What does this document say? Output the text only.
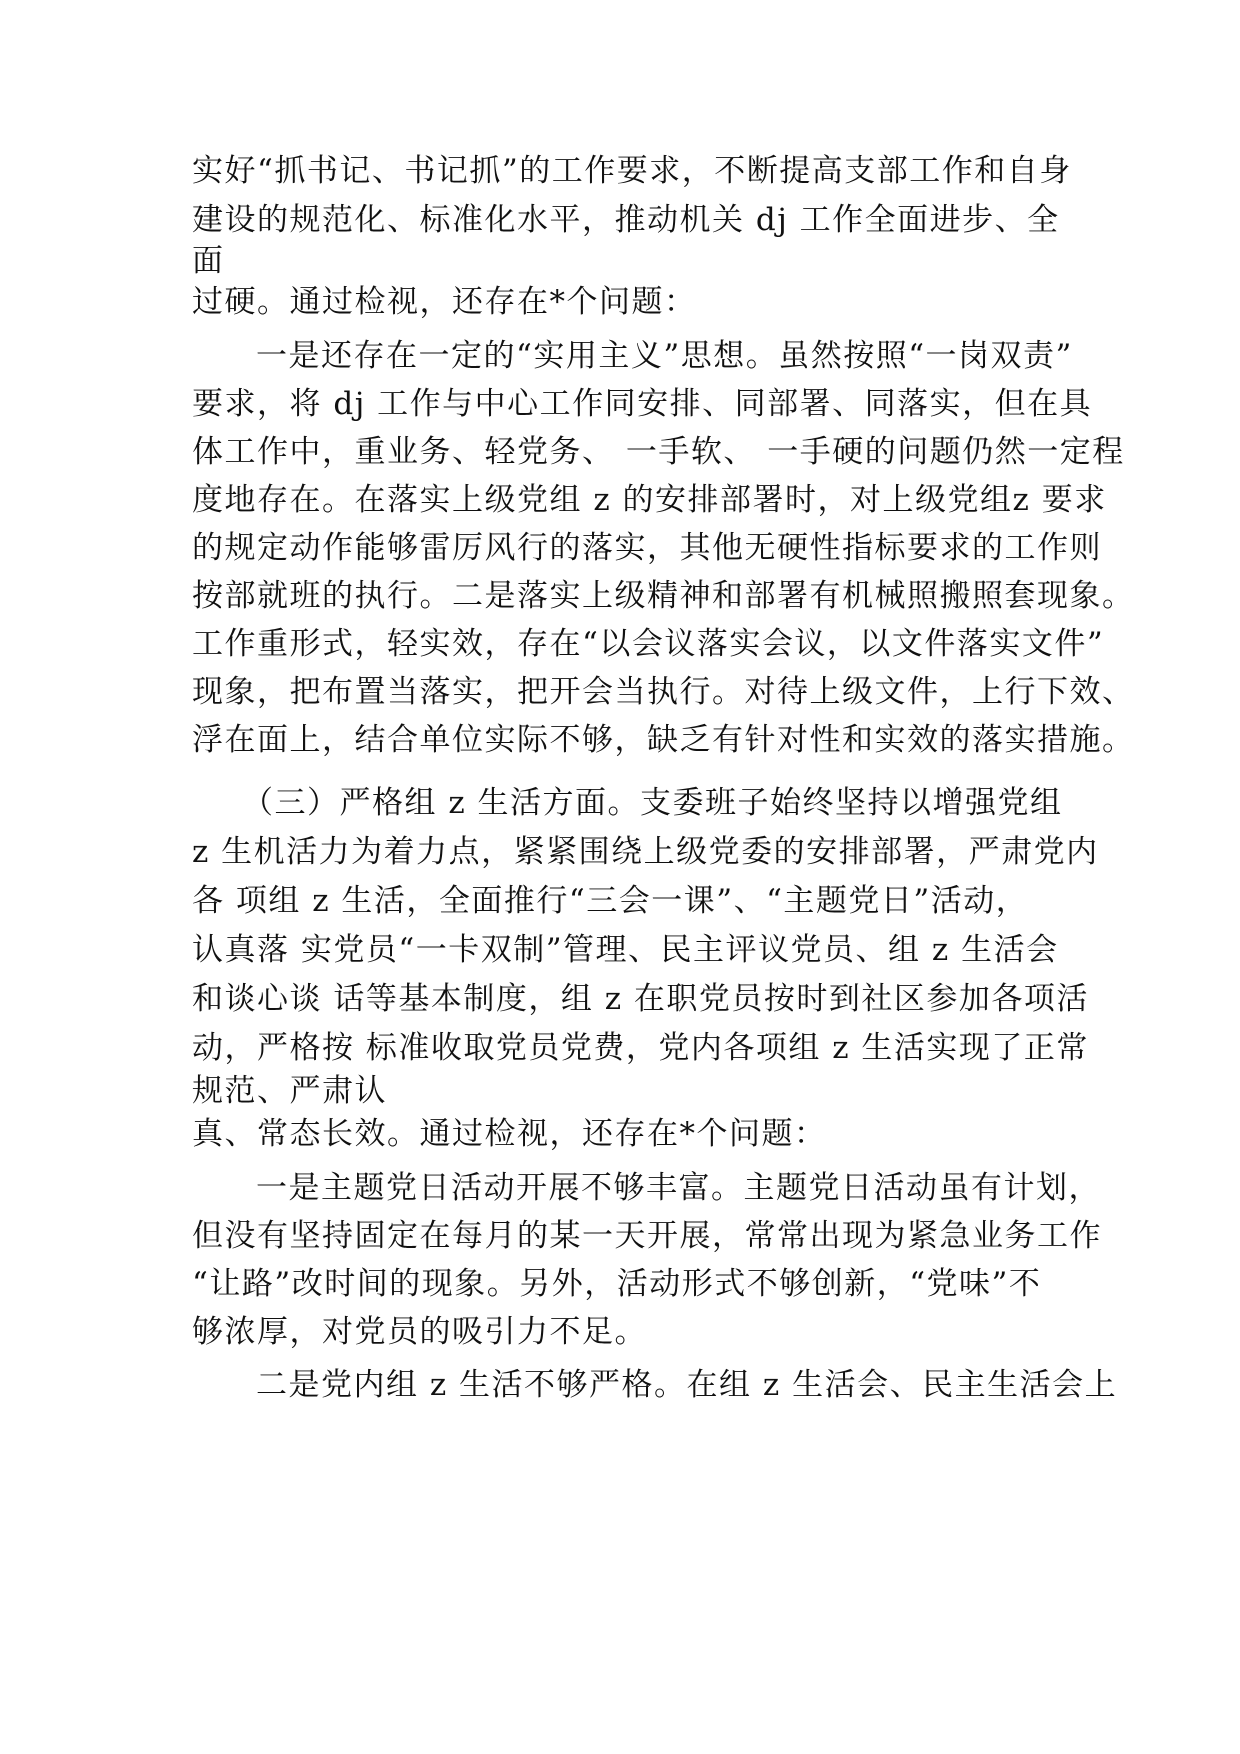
实好“抓书记、书记抓”的工作要求，不断提高支部工作和自身
建设的规范化、标准化水平，推动机关 dj 工作全面进步、全
面
过硬。通过检视，还存在*个问题：
一是还存在一定的“实用主义”思想。虽然按照“一岗双责”
要求，将 dj 工作与中心工作同安排、同部署、同落实，但在具
体工作中，重业务、轻党务、 一手软、 一手硬的问题仍然一定程
度地存在。在落实上级党组 z 的安排部署时，对上级党组z 要求
的规定动作能够雷厉风行的落实，其他无硬性指标要求的工作则
按部就班的执行。二是落实上级精神和部署有机械照搬照套现象。
工作重形式，轻实效，存在“以会议落实会议，以文件落实文件”
现象，把布置当落实，把开会当执行。对待上级文件，上行下效、
浮在面上，结合单位实际不够，缺乏有针对性和实效的落实措施。
（三）严格组 z 生活方面。支委班子始终坚持以增强党组
z 生机活力为着力点，紧紧围绕上级党委的安排部署，严肃党内
各 项组 z 生活，全面推行“三会一课”、“主题党日”活动，
认真落 实党员“一卡双制”管理、民主评议党员、组 z 生活会
和谈心谈 话等基本制度，组 z 在职党员按时到社区参加各项活
动，严格按 标准收取党员党费，党内各项组 z 生活实现了正常
规范、严肃认
真、常态长效。通过检视，还存在*个问题：
一是主题党日活动开展不够丰富。主题党日活动虽有计划，
但没有坚持固定在每月的某一天开展，常常出现为紧急业务工作
“让路”改时间的现象。另外，活动形式不够创新，“党味”不
够浓厚，对党员的吸引力不足。
二是党内组 z 生活不够严格。在组 z 生活会、民主生活会上
